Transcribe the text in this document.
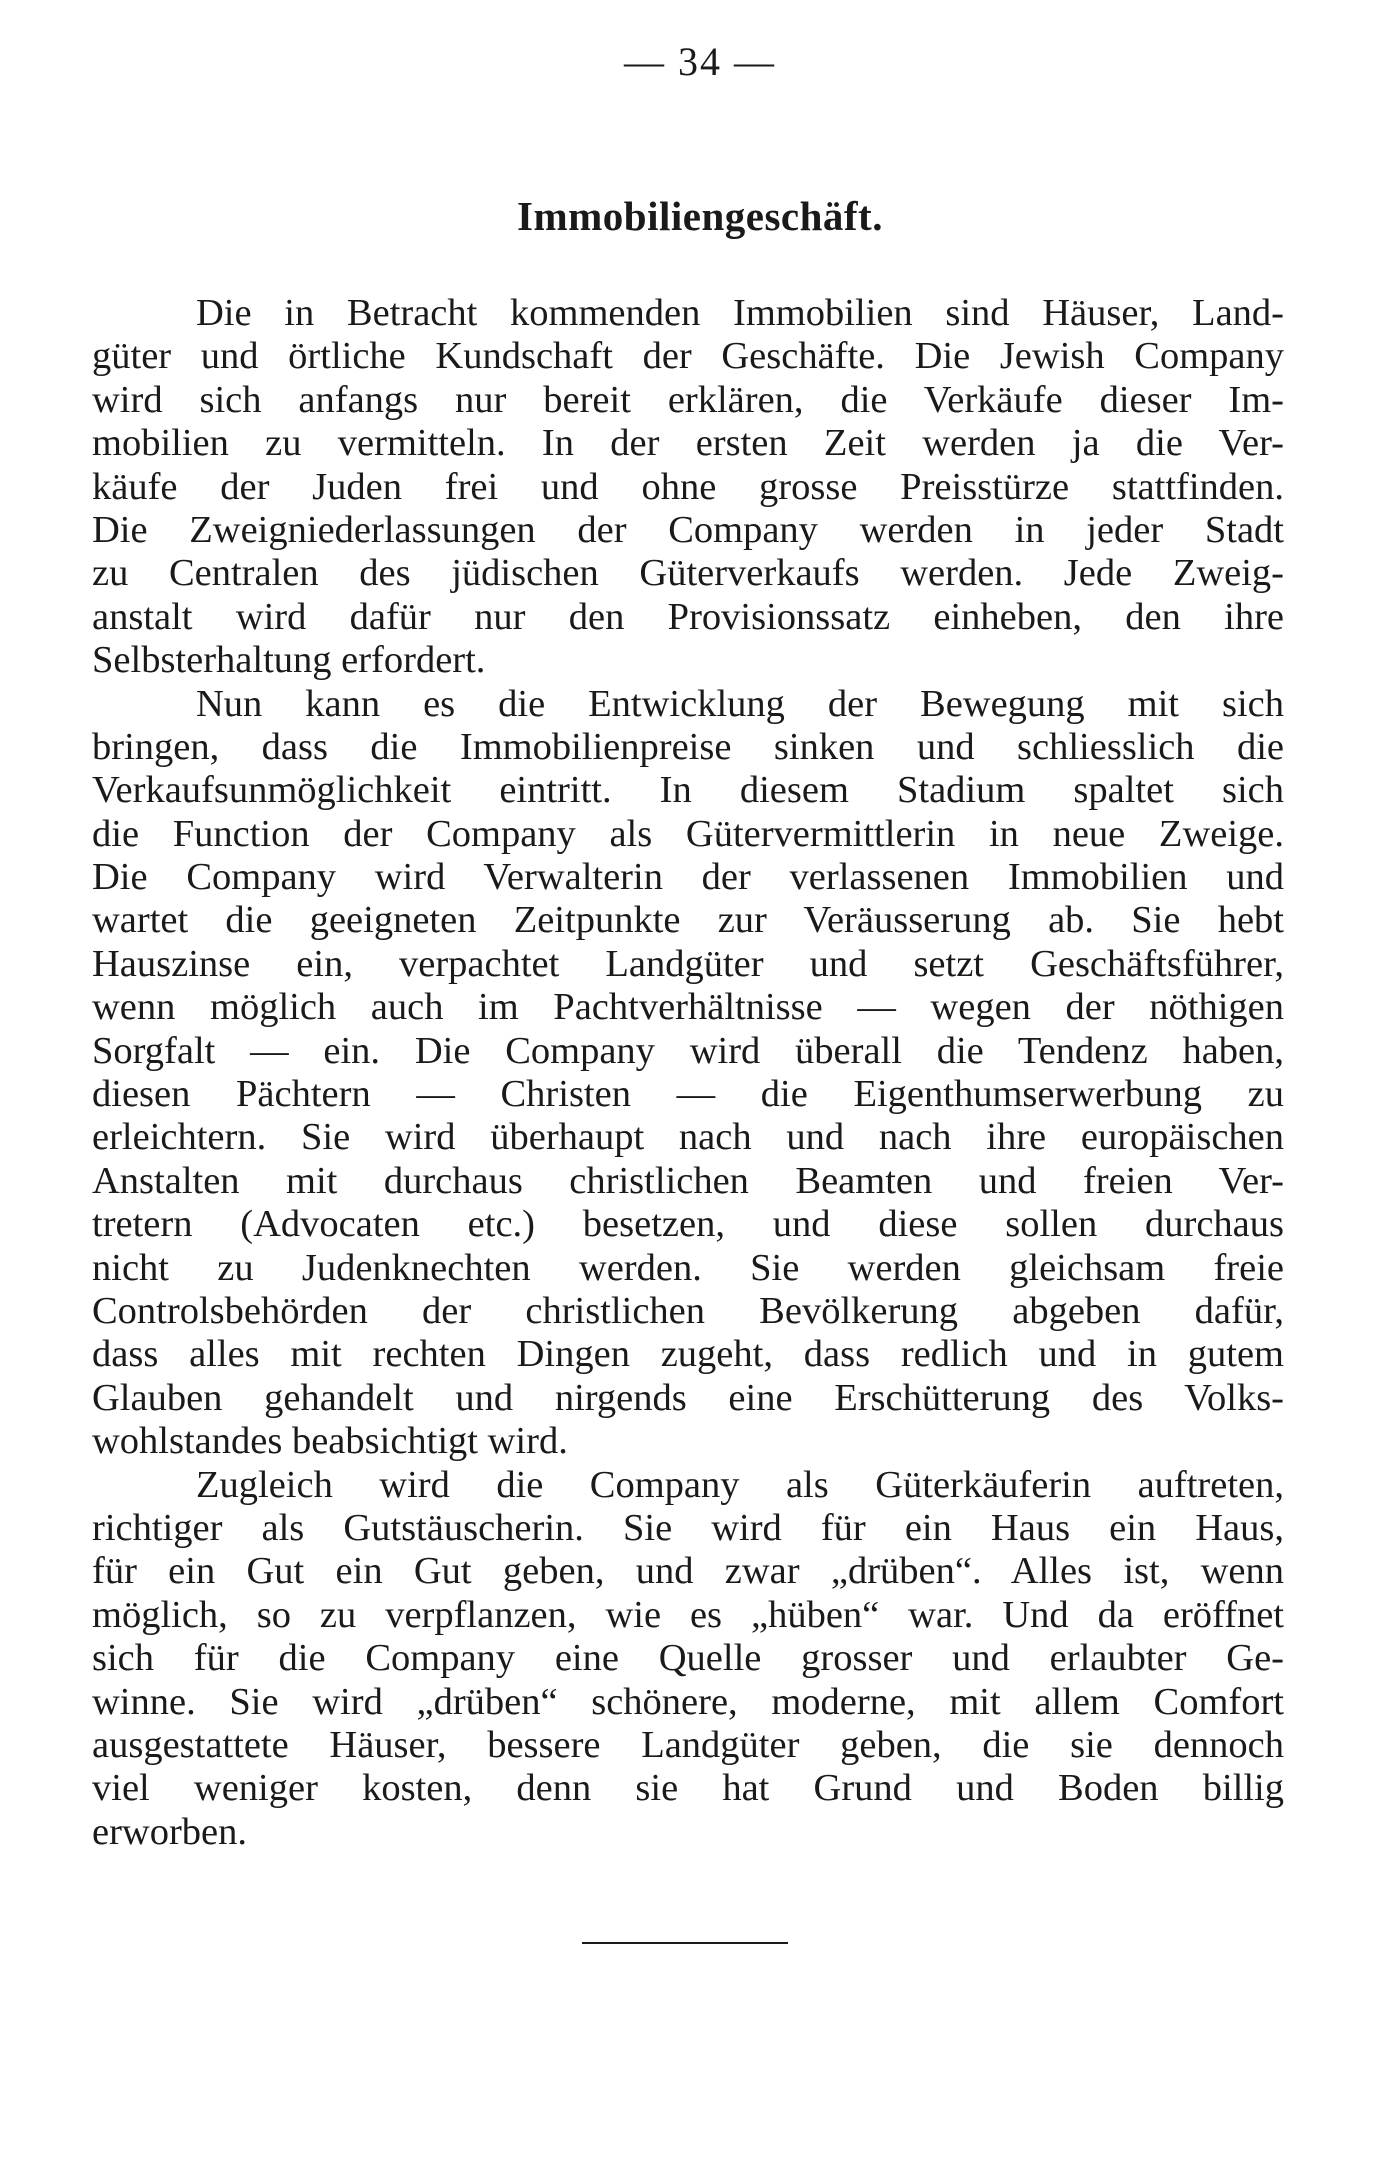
— 34 —
Immobiliengeschäft.
Die in Betracht kommenden Immobilien sind Häuser, Land-
güter und örtliche Kundschaft der Geschäfte. Die Jewish Company
wird sich anfangs nur bereit erklären, die Verkäufe dieser Im-
mobilien zu vermitteln. In der ersten Zeit werden ja die Ver-
käufe der Juden frei und ohne grosse Preisstürze stattfinden.
Die Zweigniederlassungen der Company werden in jeder Stadt
zu Centralen des jüdischen Güterverkaufs werden. Jede Zweig-
anstalt wird dafür nur den Provisionssatz einheben, den ihre
Selbsterhaltung erfordert.
Nun kann es die Entwicklung der Bewegung mit sich
bringen, dass die Immobilienpreise sinken und schliesslich die
Verkaufsunmöglichkeit eintritt. In diesem Stadium spaltet sich
die Function der Company als Gütervermittlerin in neue Zweige.
Die Company wird Verwalterin der verlassenen Immobilien und
wartet die geeigneten Zeitpunkte zur Veräusserung ab. Sie hebt
Hauszinse ein, verpachtet Landgüter und setzt Geschäftsführer,
wenn möglich auch im Pachtverhältnisse — wegen der nöthigen
Sorgfalt — ein. Die Company wird überall die Tendenz haben,
diesen Pächtern — Christen — die Eigenthumserwerbung zu
erleichtern. Sie wird überhaupt nach und nach ihre europäischen
Anstalten mit durchaus christlichen Beamten und freien Ver-
tretern (Advocaten etc.) besetzen, und diese sollen durchaus
nicht zu Judenknechten werden. Sie werden gleichsam freie
Controlsbehörden der christlichen Bevölkerung abgeben dafür,
dass alles mit rechten Dingen zugeht, dass redlich und in gutem
Glauben gehandelt und nirgends eine Erschütterung des Volks-
wohlstandes beabsichtigt wird.
Zugleich wird die Company als Güterkäuferin auftreten,
richtiger als Gutstäuscherin. Sie wird für ein Haus ein Haus,
für ein Gut ein Gut geben, und zwar „drüben“. Alles ist, wenn
möglich, so zu verpflanzen, wie es „hüben“ war. Und da eröffnet
sich für die Company eine Quelle grosser und erlaubter Ge-
winne. Sie wird „drüben“ schönere, moderne, mit allem Comfort
ausgestattete Häuser, bessere Landgüter geben, die sie dennoch
viel weniger kosten, denn sie hat Grund und Boden billig
erworben.
